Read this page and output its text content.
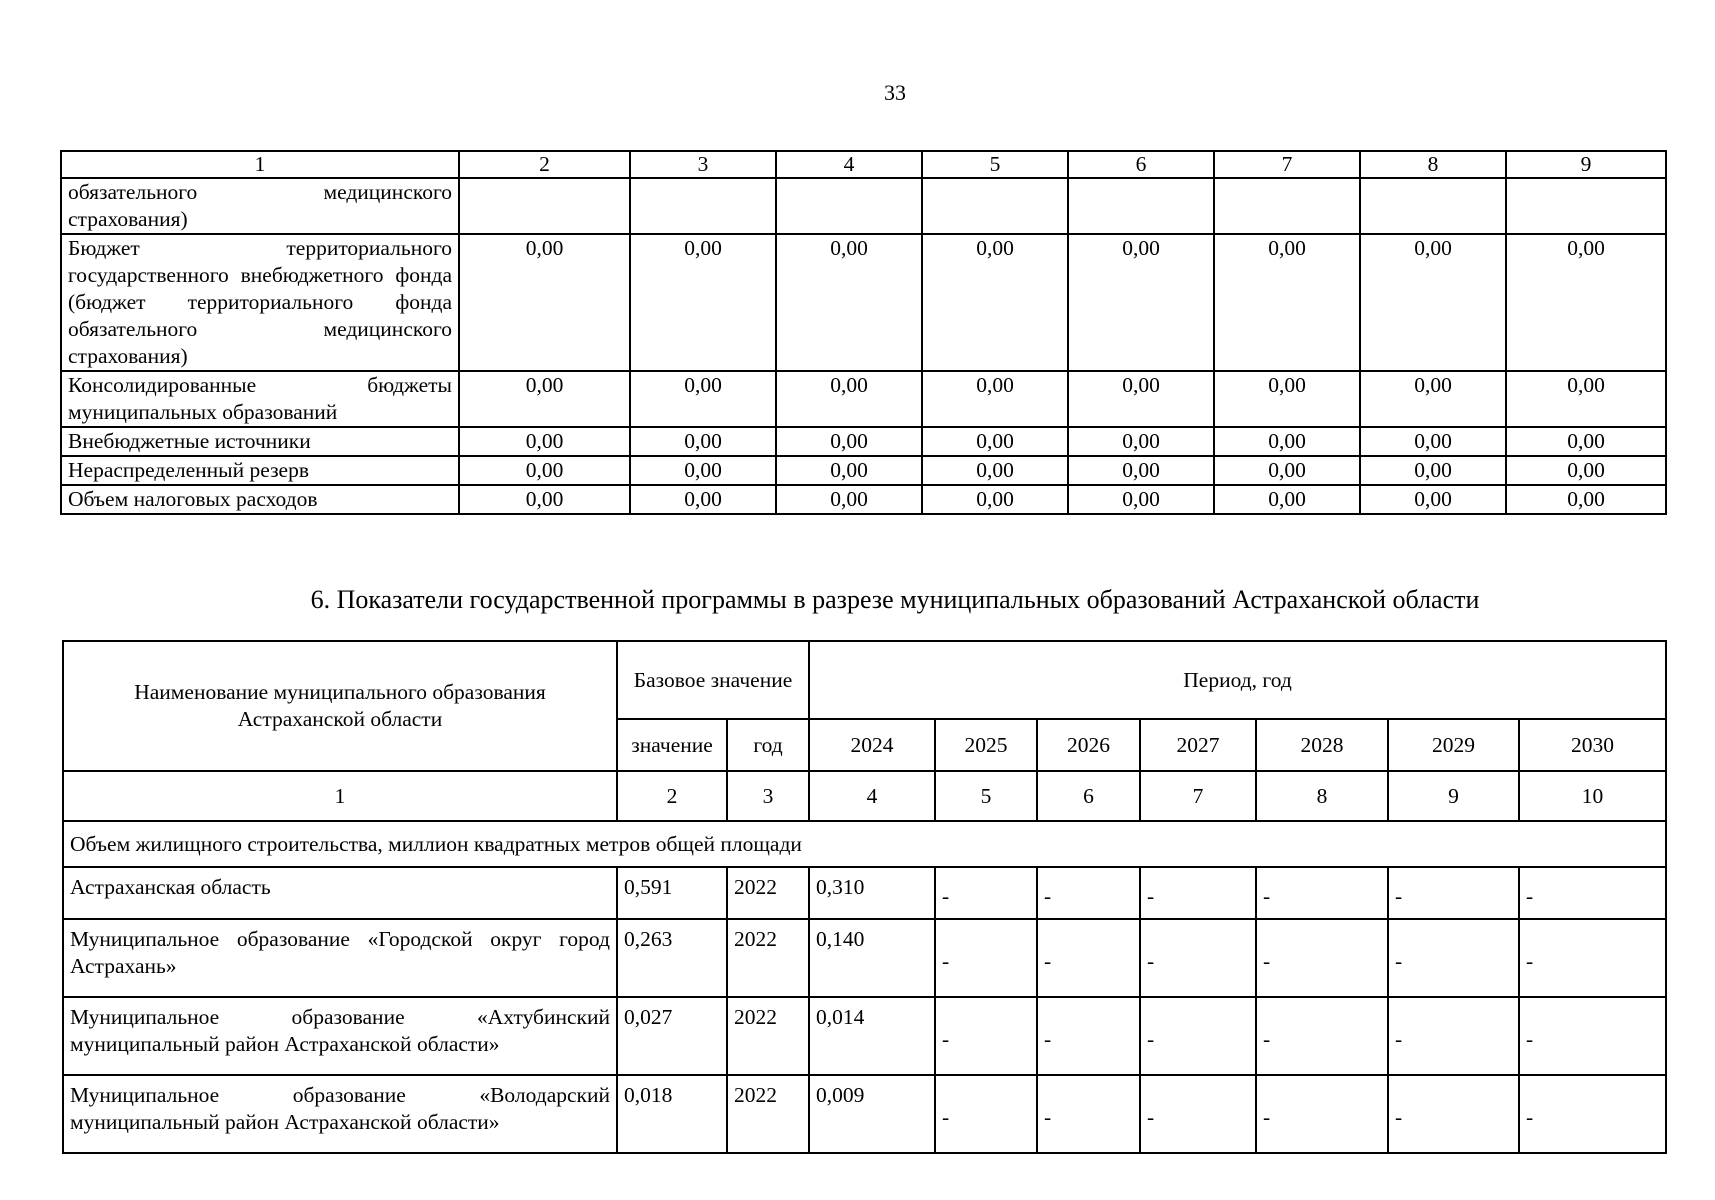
33
1	2	3	4	5	6	7	8	9
обязательного медицинского страхования)								
Бюджет территориального государственного внебюджетного фонда (бюджет территориального фонда обязательного медицинского страхования)	0,00	0,00	0,00	0,00	0,00	0,00	0,00	0,00
Консолидированные бюджеты муниципальных образований	0,00	0,00	0,00	0,00	0,00	0,00	0,00	0,00
Внебюджетные источники	0,00	0,00	0,00	0,00	0,00	0,00	0,00	0,00
Нераспределенный резерв	0,00	0,00	0,00	0,00	0,00	0,00	0,00	0,00
Объем налоговых расходов	0,00	0,00	0,00	0,00	0,00	0,00	0,00	0,00
6. Показатели государственной программы в разрезе муниципальных образований Астраханской области
Наименование муниципального образования Астраханской области	Базовое значение		Период, год						
	значение	год	2024	2025	2026	2027	2028	2029	2030
1	2	3	4	5	6	7	8	9	10
Объем жилищного строительства, миллион квадратных метров общей площади									
Астраханская область	0,591	2022	0,310	-	-	-	-	-	-
Муниципальное образование «Городской округ город Астрахань»	0,263	2022	0,140	-	-	-	-	-	-
Муниципальное образование «Ахтубинский муниципальный район Астраханской области»	0,027	2022	0,014	-	-	-	-	-	-
Муниципальное образование «Володарский муниципальный район Астраханской области»	0,018	2022	0,009	-	-	-	-	-	-
